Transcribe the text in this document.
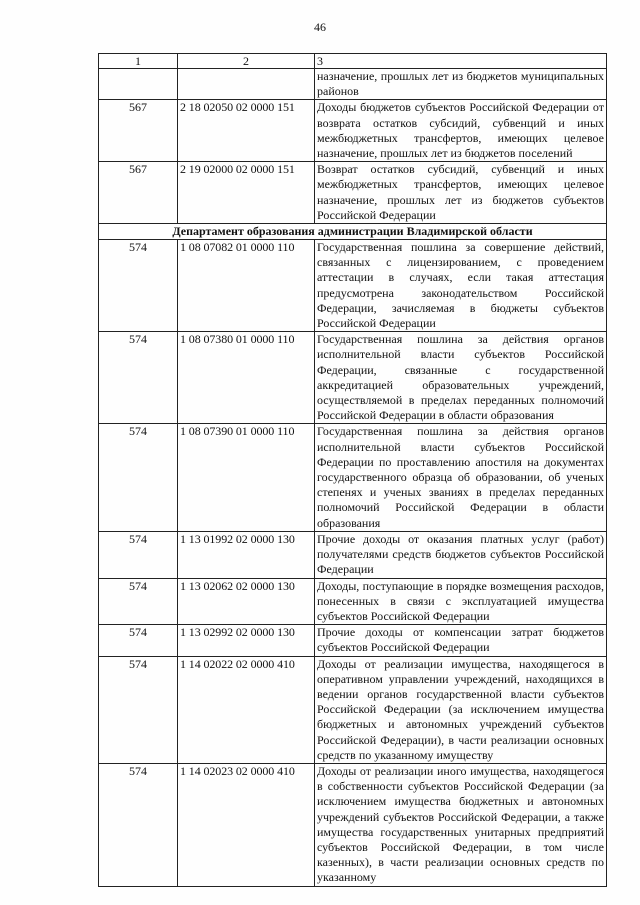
46
1	2	3
		назначение, прошлых лет из бюджетов муниципальных районов
567	2 18 02050 02 0000 151	Доходы бюджетов субъектов Российской Федерации от возврата остатков субсидий, субвенций и иных межбюджетных трансфертов, имеющих целевое назначение, прошлых лет из бюджетов поселений
567	2 19 02000 02 0000 151	Возврат остатков субсидий, субвенций и иных межбюджетных трансфертов, имеющих целевое назначение, прошлых лет из бюджетов субъектов Российской Федерации
Департамент образования администрации Владимирской области		
574	1 08 07082 01 0000 110	Государственная пошлина за совершение действий, связанных с лицензированием, с проведением аттестации в случаях, если такая аттестация предусмотрена законодательством Российской Федерации, зачисляемая в бюджеты субъектов Российской Федерации
574	1 08 07380 01 0000 110	Государственная пошлина за действия органов исполнительной власти субъектов Российской Федерации, связанные с государственной аккредитацией образовательных учреждений, осуществляемой в пределах переданных полномочий Российской Федерации в области образования
574	1 08 07390 01 0000 110	Государственная пошлина за действия органов исполнительной власти субъектов Российской Федерации по проставлению апостиля на документах государственного образца об образовании, об ученых степенях и ученых званиях в пределах переданных полномочий Российской Федерации в области образования
574	1 13 01992 02 0000 130	Прочие доходы от оказания платных услуг (работ) получателями средств бюджетов субъектов Российской Федерации
574	1 13 02062 02 0000 130	Доходы, поступающие в порядке возмещения расходов, понесенных в связи с эксплуатацией имущества субъектов Российской Федерации
574	1 13 02992 02 0000 130	Прочие доходы от компенсации затрат бюджетов субъектов Российской Федерации
574	1 14 02022 02 0000 410	Доходы от реализации имущества, находящегося в оперативном управлении учреждений, находящихся в ведении органов государственной власти субъектов Российской Федерации (за исключением имущества бюджетных и автономных учреждений субъектов Российской Федерации), в части реализации основных средств по указанному имуществу
574	1 14 02023 02 0000 410	Доходы от реализации иного имущества, находящегося в собственности субъектов Российской Федерации (за исключением имущества бюджетных и автономных учреждений субъектов Российской Федерации, а также имущества государственных унитарных предприятий субъектов Российской Федерации, в том числе казенных), в части реализации основных средств по указанному
